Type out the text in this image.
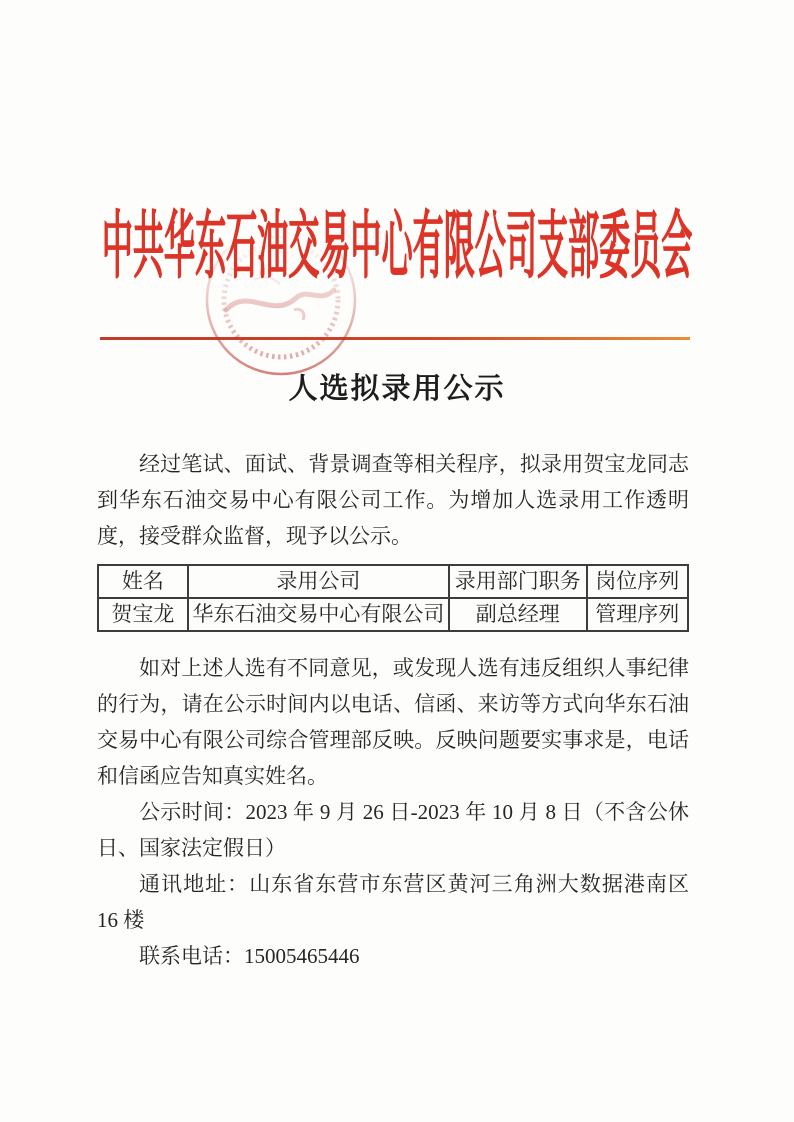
中共华东石油交易中心有限公司支部委员会
人选拟录用公示

经过笔试、面试、背景调查等相关程序，拟录用贺宝龙同志到华东石油交易中心有限公司工作。为增加人选录用工作透明度，接受群众监督，现予以公示。

姓名	录用公司	录用部门职务	岗位序列
贺宝龙	华东石油交易中心有限公司	副总经理	管理序列

如对上述人选有不同意见，或发现人选有违反组织人事纪律的行为，请在公示时间内以电话、信函、来访等方式向华东石油交易中心有限公司综合管理部反映。反映问题要实事求是，电话和信函应告知真实姓名。

公示时间：2023 年 9 月 26 日-2023 年 10 月 8 日（不含公休日、国家法定假日）

通讯地址：山东省东营市东营区黄河三角洲大数据港南区 16 楼

联系电话：15005465446
